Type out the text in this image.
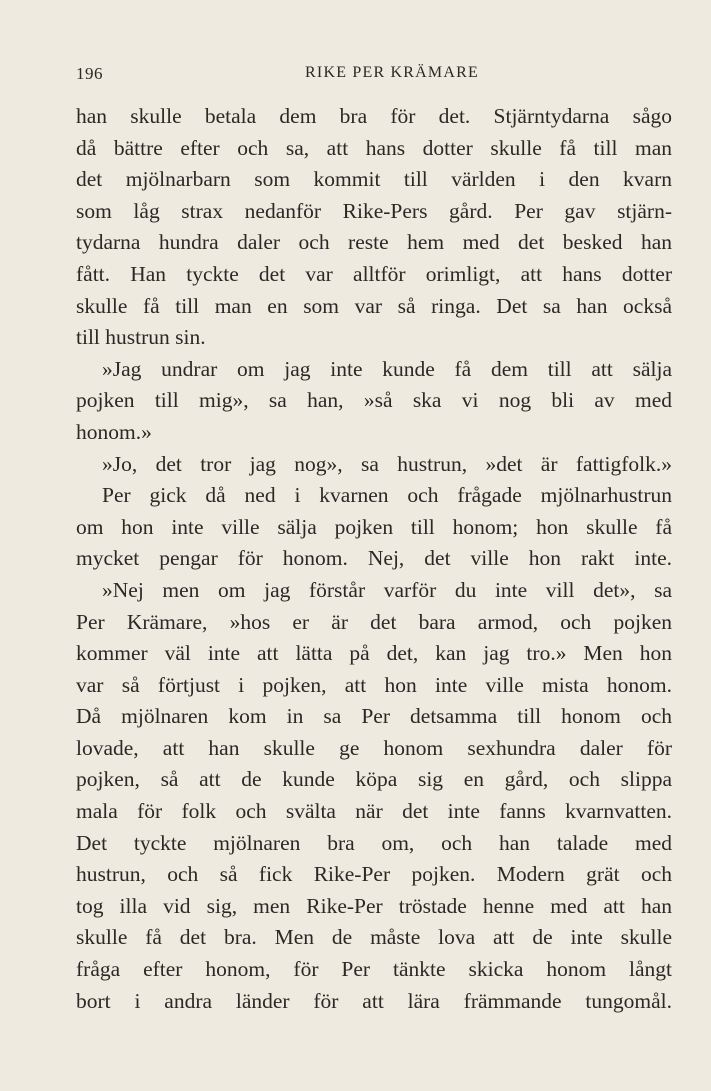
196	RIKE PER KRÄMARE
han skulle betala dem bra för det. Stjärntydarna sågo
då bättre efter och sa, att hans dotter skulle få till man
det mjölnarbarn som kommit till världen i den kvarn
som låg strax nedanför Rike-Pers gård. Per gav stjärn-
tydarna hundra daler och reste hem med det besked han
fått. Han tyckte det var alltför orimligt, att hans dotter
skulle få till man en som var så ringa. Det sa han också
till hustrun sin.
»Jag undrar om jag inte kunde få dem till att sälja
pojken till mig», sa han, »så ska vi nog bli av med
honom.»
»Jo, det tror jag nog», sa hustrun, »det är fattigfolk.»
Per gick då ned i kvarnen och frågade mjölnarhustrun
om hon inte ville sälja pojken till honom; hon skulle få
mycket pengar för honom. Nej, det ville hon rakt inte.
»Nej men om jag förstår varför du inte vill det», sa
Per Krämare, »hos er är det bara armod, och pojken
kommer väl inte att lätta på det, kan jag tro.» Men hon
var så förtjust i pojken, att hon inte ville mista honom.
Då mjölnaren kom in sa Per detsamma till honom och
lovade, att han skulle ge honom sexhundra daler för
pojken, så att de kunde köpa sig en gård, och slippa
mala för folk och svälta när det inte fanns kvarnvatten.
Det tyckte mjölnaren bra om, och han talade med
hustrun, och så fick Rike-Per pojken. Modern grät och
tog illa vid sig, men Rike-Per tröstade henne med att han
skulle få det bra. Men de måste lova att de inte skulle
fråga efter honom, för Per tänkte skicka honom långt
bort i andra länder för att lära främmande tungomål.
